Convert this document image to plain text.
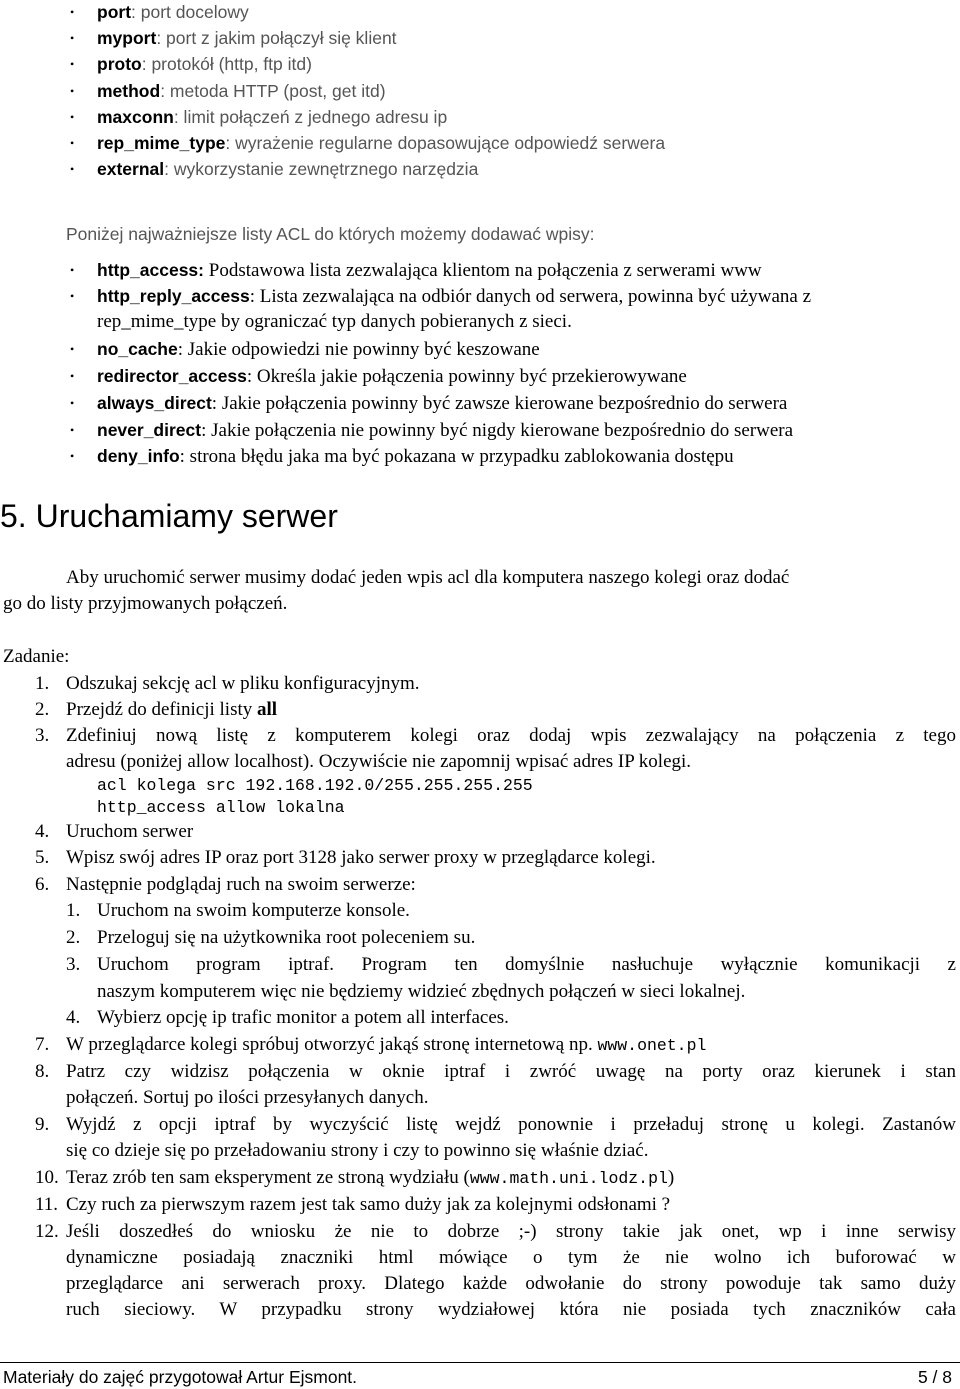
• port: port docelowy
• myport: port z jakim połączył się klient
• proto: protokół (http, ftp itd)
• method: metoda HTTP (post, get itd)
• maxconn: limit połączeń z jednego adresu ip
• rep_mime_type: wyrażenie regularne dopasowujące odpowiedź serwera
• external: wykorzystanie zewnętrznego narzędzia
Poniżej najważniejsze listy ACL do których możemy dodawać wpisy:
• http_access: Podstawowa lista zezwalająca klientom na połączenia z serwerami www
• http_reply_access: Lista zezwalająca na odbiór danych od serwera, powinna być używana z
rep_mime_type by ograniczać typ danych pobieranych z sieci.
• no_cache: Jakie odpowiedzi nie powinny być keszowane
• redirector_access: Określa jakie połączenia powinny być przekierowywane
• always_direct: Jakie połączenia powinny być zawsze kierowane bezpośrednio do serwera
• never_direct: Jakie połączenia nie powinny być nigdy kierowane bezpośrednio do serwera
• deny_info: strona błędu jaka ma być pokazana w przypadku zablokowania dostępu
5. Uruchamiamy serwer
Aby uruchomić serwer musimy dodać jeden wpis acl dla komputera naszego kolegi oraz dodać
go do listy przyjmowanych połączeń.
Zadanie:
1. Odszukaj sekcję acl w pliku konfiguracyjnym.
2. Przejdź do definicji listy all
3. Zdefiniuj nową listę z komputerem kolegi oraz dodaj wpis zezwalający na połączenia z tego
adresu (poniżej allow localhost). Oczywiście nie zapomnij wpisać adres IP kolegi.
acl kolega src 192.168.192.0/255.255.255.255
http_access allow lokalna
4. Uruchom serwer
5. Wpisz swój adres IP oraz port 3128 jako serwer proxy w przeglądarce kolegi.
6. Następnie podglądaj ruch na swoim serwerze:
1. Uruchom na swoim komputerze konsole.
2. Przeloguj się na użytkownika root poleceniem su.
3. Uruchom program iptraf. Program ten domyślnie nasłuchuje wyłącznie komunikacji z
naszym komputerem więc nie będziemy widzieć zbędnych połączeń w sieci lokalnej.
4. Wybierz opcję ip trafic monitor a potem all interfaces.
7. W przeglądarce kolegi spróbuj otworzyć jakąś stronę internetową np. www.onet.pl
8. Patrz czy widzisz połączenia w oknie iptraf i zwróć uwagę na porty oraz kierunek i stan
połączeń. Sortuj po ilości przesyłanych danych.
9. Wyjdź z opcji iptraf by wyczyścić listę wejdź ponownie i przeładuj stronę u kolegi. Zastanów
się co dzieje się po przeładowaniu strony i czy to powinno się właśnie dziać.
10. Teraz zrób ten sam eksperyment ze stroną wydziału (www.math.uni.lodz.pl)
11. Czy ruch za pierwszym razem jest tak samo duży jak za kolejnymi odsłonami ?
12. Jeśli doszedłeś do wniosku że nie to dobrze ;-) strony takie jak onet, wp i inne serwisy
dynamiczne posiadają znaczniki html mówiące o tym że nie wolno ich buforować w
przeglądarce ani serwerach proxy. Dlatego każde odwołanie do strony powoduje tak samo duży
ruch sieciowy. W przypadku strony wydziałowej która nie posiada tych znaczników cała
Materiały do zajęć przygotował Artur Ejsmont.	5 / 8
